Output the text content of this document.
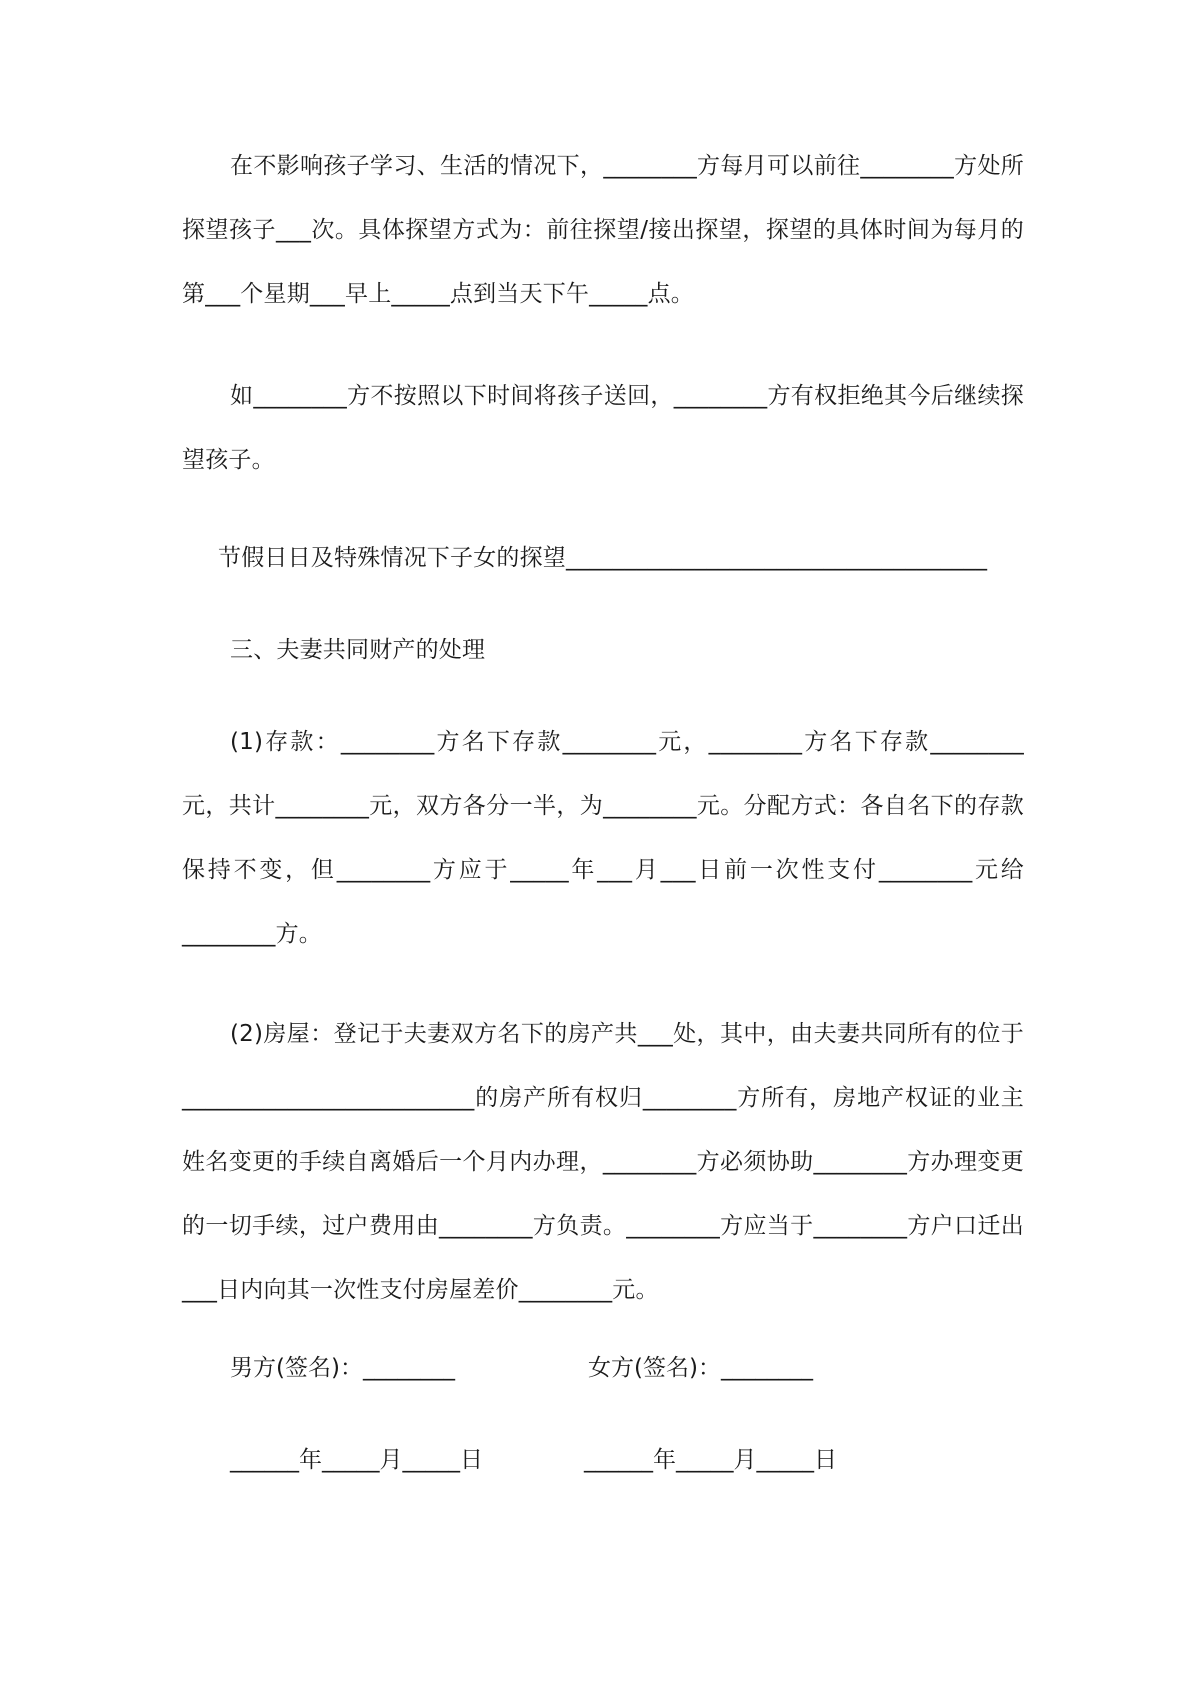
在不影响孩子学习、生活的情况下，________方每月可以前往________方处所探望孩子___次。具体探望方式为：前往探望/接出探望，探望的具体时间为每月的第___个星期___早上_____点到当天下午_____点。

如________方不按照以下时间将孩子送回，________方有权拒绝其今后继续探望孩子。

节假日日及特殊情况下子女的探望____________________________________

三、夫妻共同财产的处理

(1)存款：________方名下存款________元，________方名下存款________元，共计________元，双方各分一半，为________元。分配方式：各自名下的存款保持不变，但________方应于_____年___月___日前一次性支付________元给________方。

(2)房屋：登记于夫妻双方名下的房产共___处，其中，由夫妻共同所有的位于_________________________的房产所有权归________方所有，房地产权证的业主姓名变更的手续自离婚后一个月内办理，________方必须协助________方办理变更的一切手续，过户费用由________方负责。________方应当于________方户口迁出___日内向其一次性支付房屋差价________元。

男方(签名)：________	女方(签名)：________
______年_____月_____日	______年_____月_____日
